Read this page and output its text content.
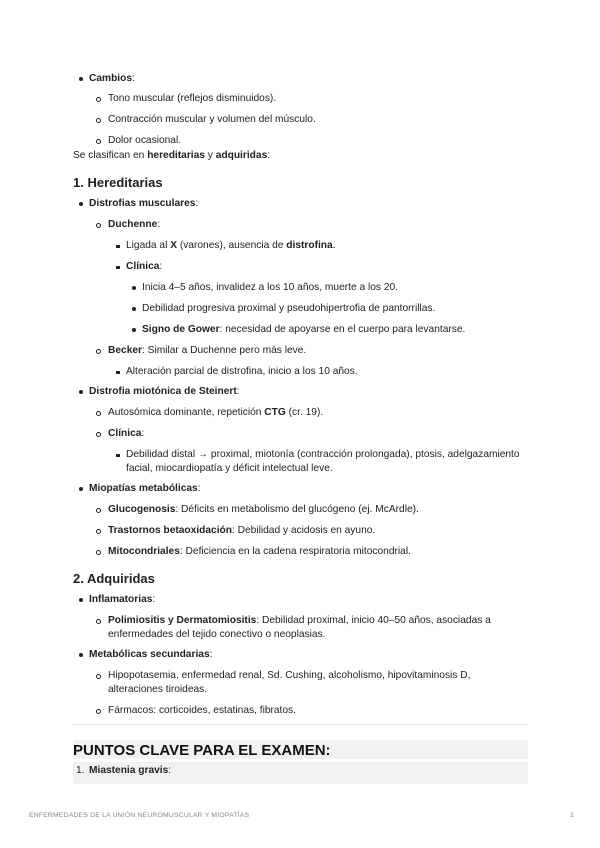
Cambios:
Tono muscular (reflejos disminuidos).
Contracción muscular y volumen del músculo.
Dolor ocasional.
Se clasifican en hereditarias y adquiridas:
1. Hereditarias
Distrofias musculares:
Duchenne:
Ligada al X (varones), ausencia de distrofina.
Clínica:
Inicia 4–5 años, invalidez a los 10 años, muerte a los 20.
Debilidad progresiva proximal y pseudohipertrofia de pantorrillas.
Signo de Gower: necesidad de apoyarse en el cuerpo para levantarse.
Becker: Similar a Duchenne pero más leve.
Alteración parcial de distrofina, inicio a los 10 años.
Distrofia miotónica de Steinert:
Autosómica dominante, repetición CTG (cr. 19).
Clínica:
Debilidad distal → proximal, miotonía (contracción prolongada), ptosis, adelgazamiento
facial, miocardiopatía y déficit intelectual leve.
Miopatías metabólicas:
Glucogenosis: Déficits en metabolismo del glucógeno (ej. McArdle).
Trastornos betaoxidación: Debilidad y acidosis en ayuno.
Mitocondriales: Deficiencia en la cadena respiratoria mitocondrial.
2. Adquiridas
Inflamatorias:
Polimiositis y Dermatomiositis: Debilidad proximal, inicio 40–50 años, asociadas a
enfermedades del tejido conectivo o neoplasias.
Metabólicas secundarias:
Hipopotasemia, enfermedad renal, Sd. Cushing, alcoholismo, hipovitaminosis D,
alteraciones tiroideas.
Fármacos: corticoides, estatinas, fibratos.
PUNTOS CLAVE PARA EL EXAMEN:
1. Miastenia gravis:
ENFERMEDADES DE LA UNIÓN NEUROMUSCULAR Y MIOPATÍAS	2
